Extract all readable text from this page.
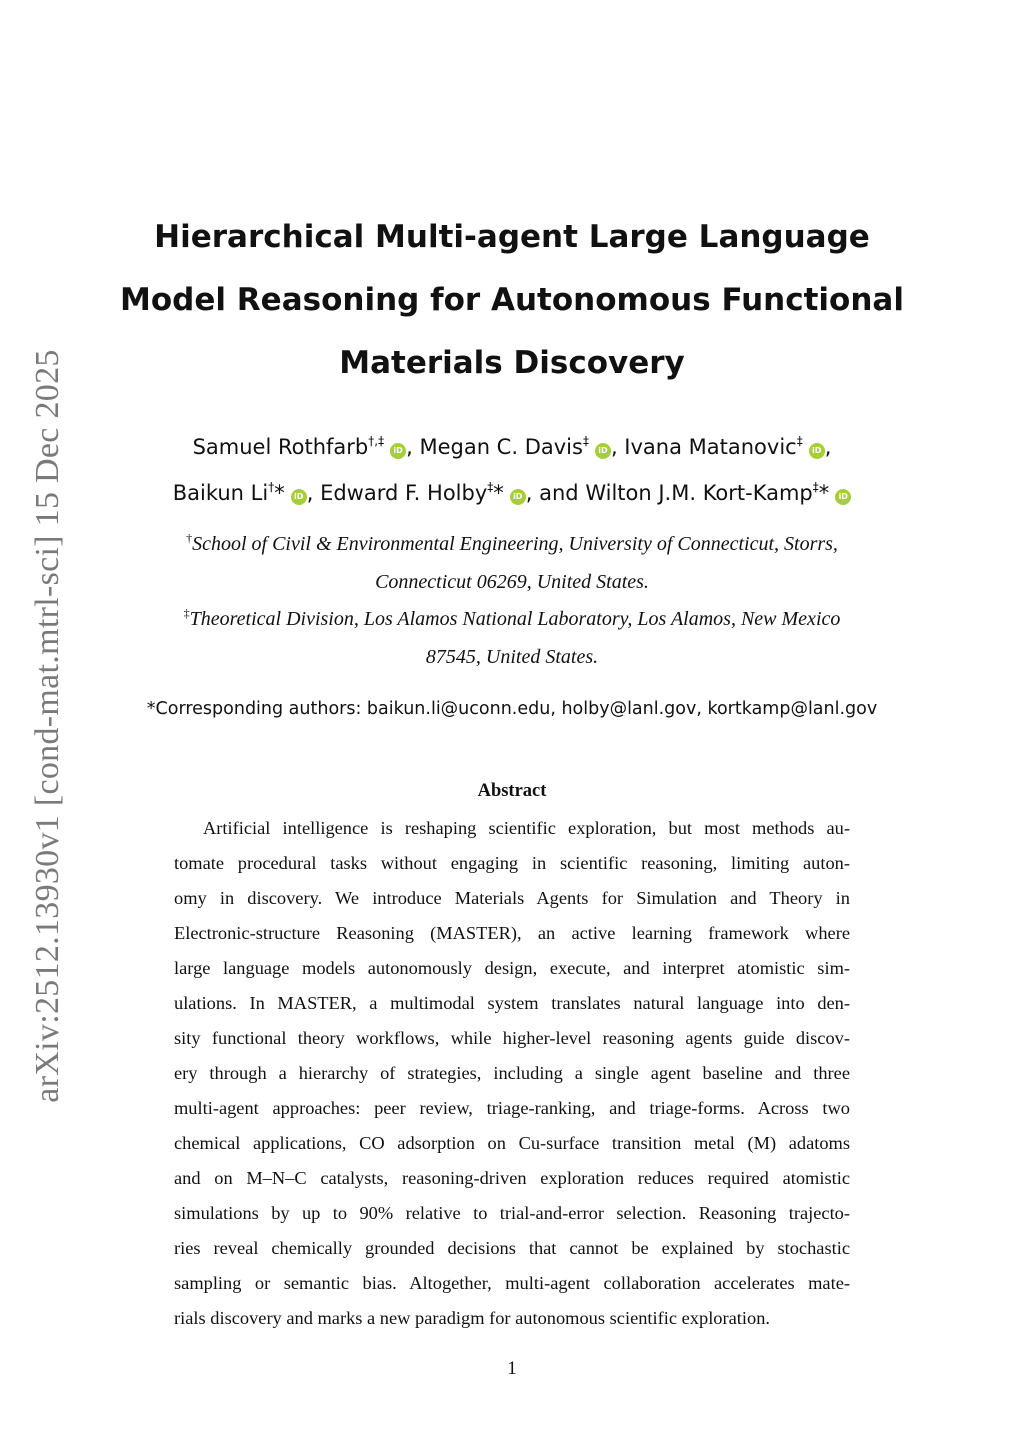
arXiv:2512.13930v1 [cond-mat.mtrl-sci] 15 Dec 2025
Hierarchical Multi-agent Large Language
Model Reasoning for Autonomous Functional
Materials Discovery
Samuel Rothfarb†,‡iD , Megan C. Davis‡iD , Ivana Matanovic‡iD ,
Baikun Li†* iD , Edward F. Holby‡* iD , and Wilton J.M. Kort-Kamp‡* iD
†School of Civil & Environmental Engineering, University of Connecticut, Storrs,
Connecticut 06269, United States.
‡Theoretical Division, Los Alamos National Laboratory, Los Alamos, New Mexico
87545, United States.
*Corresponding authors: baikun.li@uconn.edu, holby@lanl.gov, kortkamp@lanl.gov
Abstract
Artificial intelligence is reshaping scientific exploration, but most methods au-
tomate procedural tasks without engaging in scientific reasoning, limiting auton-
omy in discovery. We introduce Materials Agents for Simulation and Theory in
Electronic-structure Reasoning (MASTER), an active learning framework where
large language models autonomously design, execute, and interpret atomistic sim-
ulations. In MASTER, a multimodal system translates natural language into den-
sity functional theory workflows, while higher-level reasoning agents guide discov-
ery through a hierarchy of strategies, including a single agent baseline and three
multi-agent approaches: peer review, triage-ranking, and triage-forms. Across two
chemical applications, CO adsorption on Cu-surface transition metal (M) adatoms
and on M–N–C catalysts, reasoning-driven exploration reduces required atomistic
simulations by up to 90% relative to trial-and-error selection. Reasoning trajecto-
ries reveal chemically grounded decisions that cannot be explained by stochastic
sampling or semantic bias. Altogether, multi-agent collaboration accelerates mate-
rials discovery and marks a new paradigm for autonomous scientific exploration.
1
